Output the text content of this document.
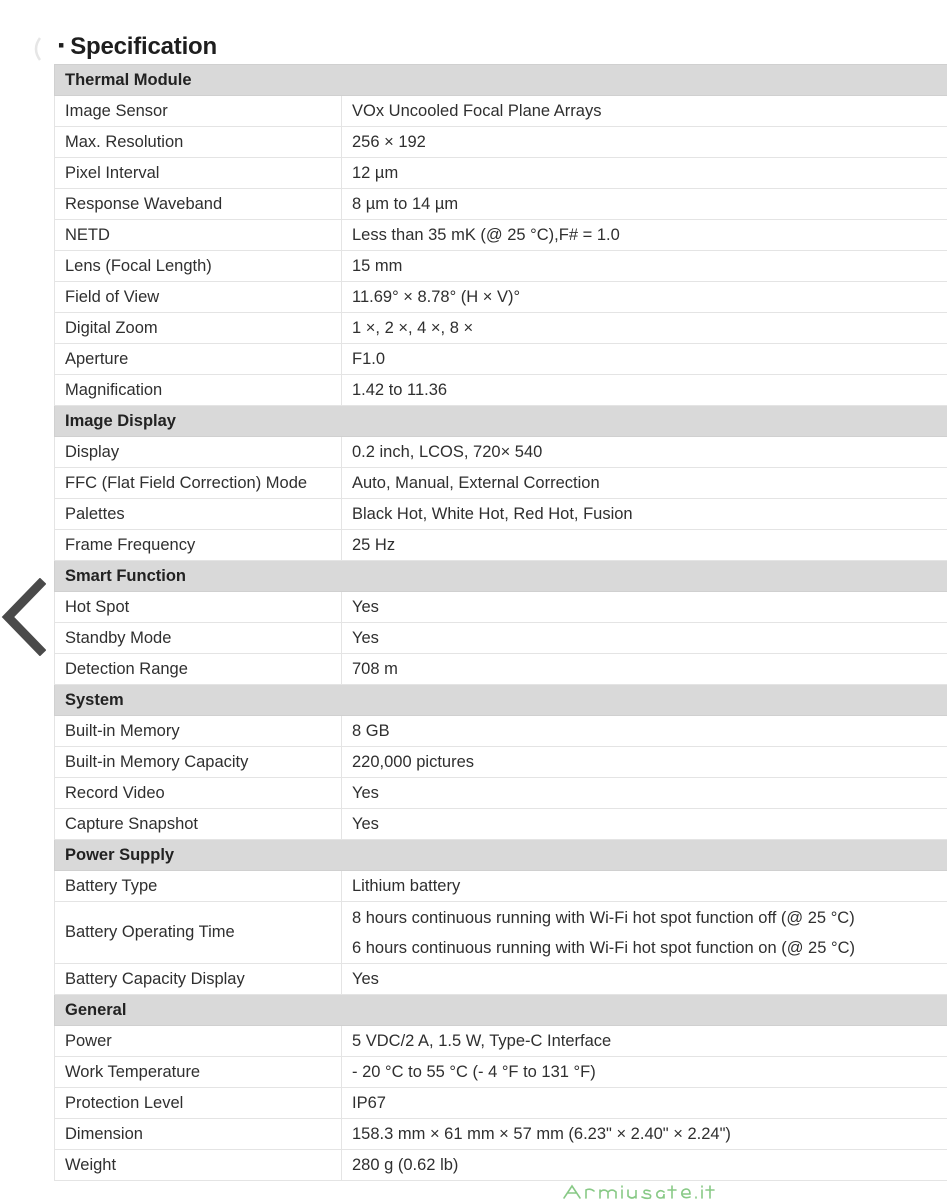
▪ Specification
Thermal Module	
Image Sensor	VOx Uncooled Focal Plane Arrays
Max. Resolution	256 × 192
Pixel Interval	12 µm
Response Waveband	8 µm to 14 µm
NETD	Less than 35 mK (@ 25 °C),F# = 1.0
Lens (Focal Length)	15 mm
Field of View	11.69° × 8.78° (H × V)°
Digital Zoom	1 ×, 2 ×, 4 ×, 8 ×
Aperture	F1.0
Magnification	1.42 to 11.36
Image Display	
Display	0.2 inch, LCOS, 720× 540
FFC (Flat Field Correction) Mode	Auto, Manual, External Correction
Palettes	Black Hot, White Hot, Red Hot, Fusion
Frame Frequency	25 Hz
Smart Function	
Hot Spot	Yes
Standby Mode	Yes
Detection Range	708 m
System	
Built-in Memory	8 GB
Built-in Memory Capacity	220,000 pictures
Record Video	Yes
Capture Snapshot	Yes
Power Supply	
Battery Type	Lithium battery
Battery Operating Time	8 hours continuous running with Wi-Fi hot spot function off (@ 25 °C)
6 hours continuous running with Wi-Fi hot spot function on (@ 25 °C)

Battery Capacity Display	Yes
General	
Power	5 VDC/2 A, 1.5 W, Type-C Interface
Work Temperature	- 20 °C to 55 °C (- 4 °F to 131 °F)
Protection Level	IP67
Dimension	158.3 mm × 61 mm × 57 mm (6.23" × 2.40" × 2.24")
Weight	280 g (0.62 lb)
